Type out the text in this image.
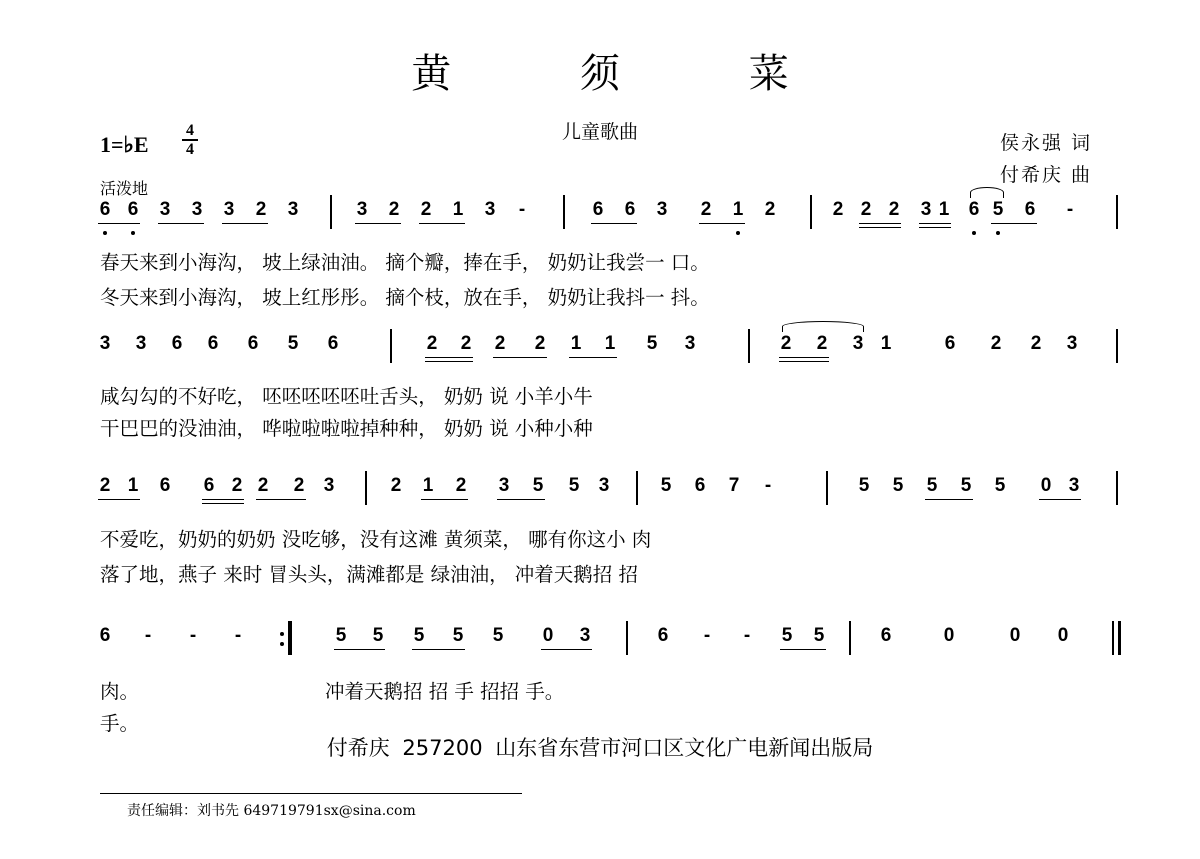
黄 须 菜
儿童歌曲	侯永强 词
付希庆 曲
1=♭E
4
4
活泼地
6 6 3 3 3 2 3	3 2 2 1 3 -	6 6 3 2 1 2	2 2 2 3 1 6 5 6 -
3 3 6 6 6 5 6	2 2 2 2 1 1 5 3	2 2 3 1	6 2 2 3
2 1 6 6 2 2 2 3	2 1 2 3 5 5 3	5 6 7 -	5 5 5 5 5 0 3
6 - - -	5 5 5 5 5 0 3	6 - - 5 5	6	0	0 0
春天来到小海沟， 坡上绿油油。 摘个瓣，捧在手， 奶奶让我尝一 口。
冬天来到小海沟， 坡上红彤彤。 摘个枝，放在手， 奶奶让我抖一 抖。
咸勾勾的不好吃， 呸呸呸呸呸吐舌头， 奶奶 说 小羊小牛
干巴巴的没油油， 哗啦啦啦啦掉种种， 奶奶 说 小种小种
不爱吃，奶奶的奶奶 没吃够，没有这滩 黄须菜， 哪有你这小 肉
落了地，燕子 来时 冒头头，满滩都是 绿油油， 冲着天鹅招 招
肉。	冲着天鹅招 招 手 招招 手。
手。
付希庆 257200 山东省东营市河口区文化广电新闻出版局
责任编辑：刘书先 649719791sx@sina.com
